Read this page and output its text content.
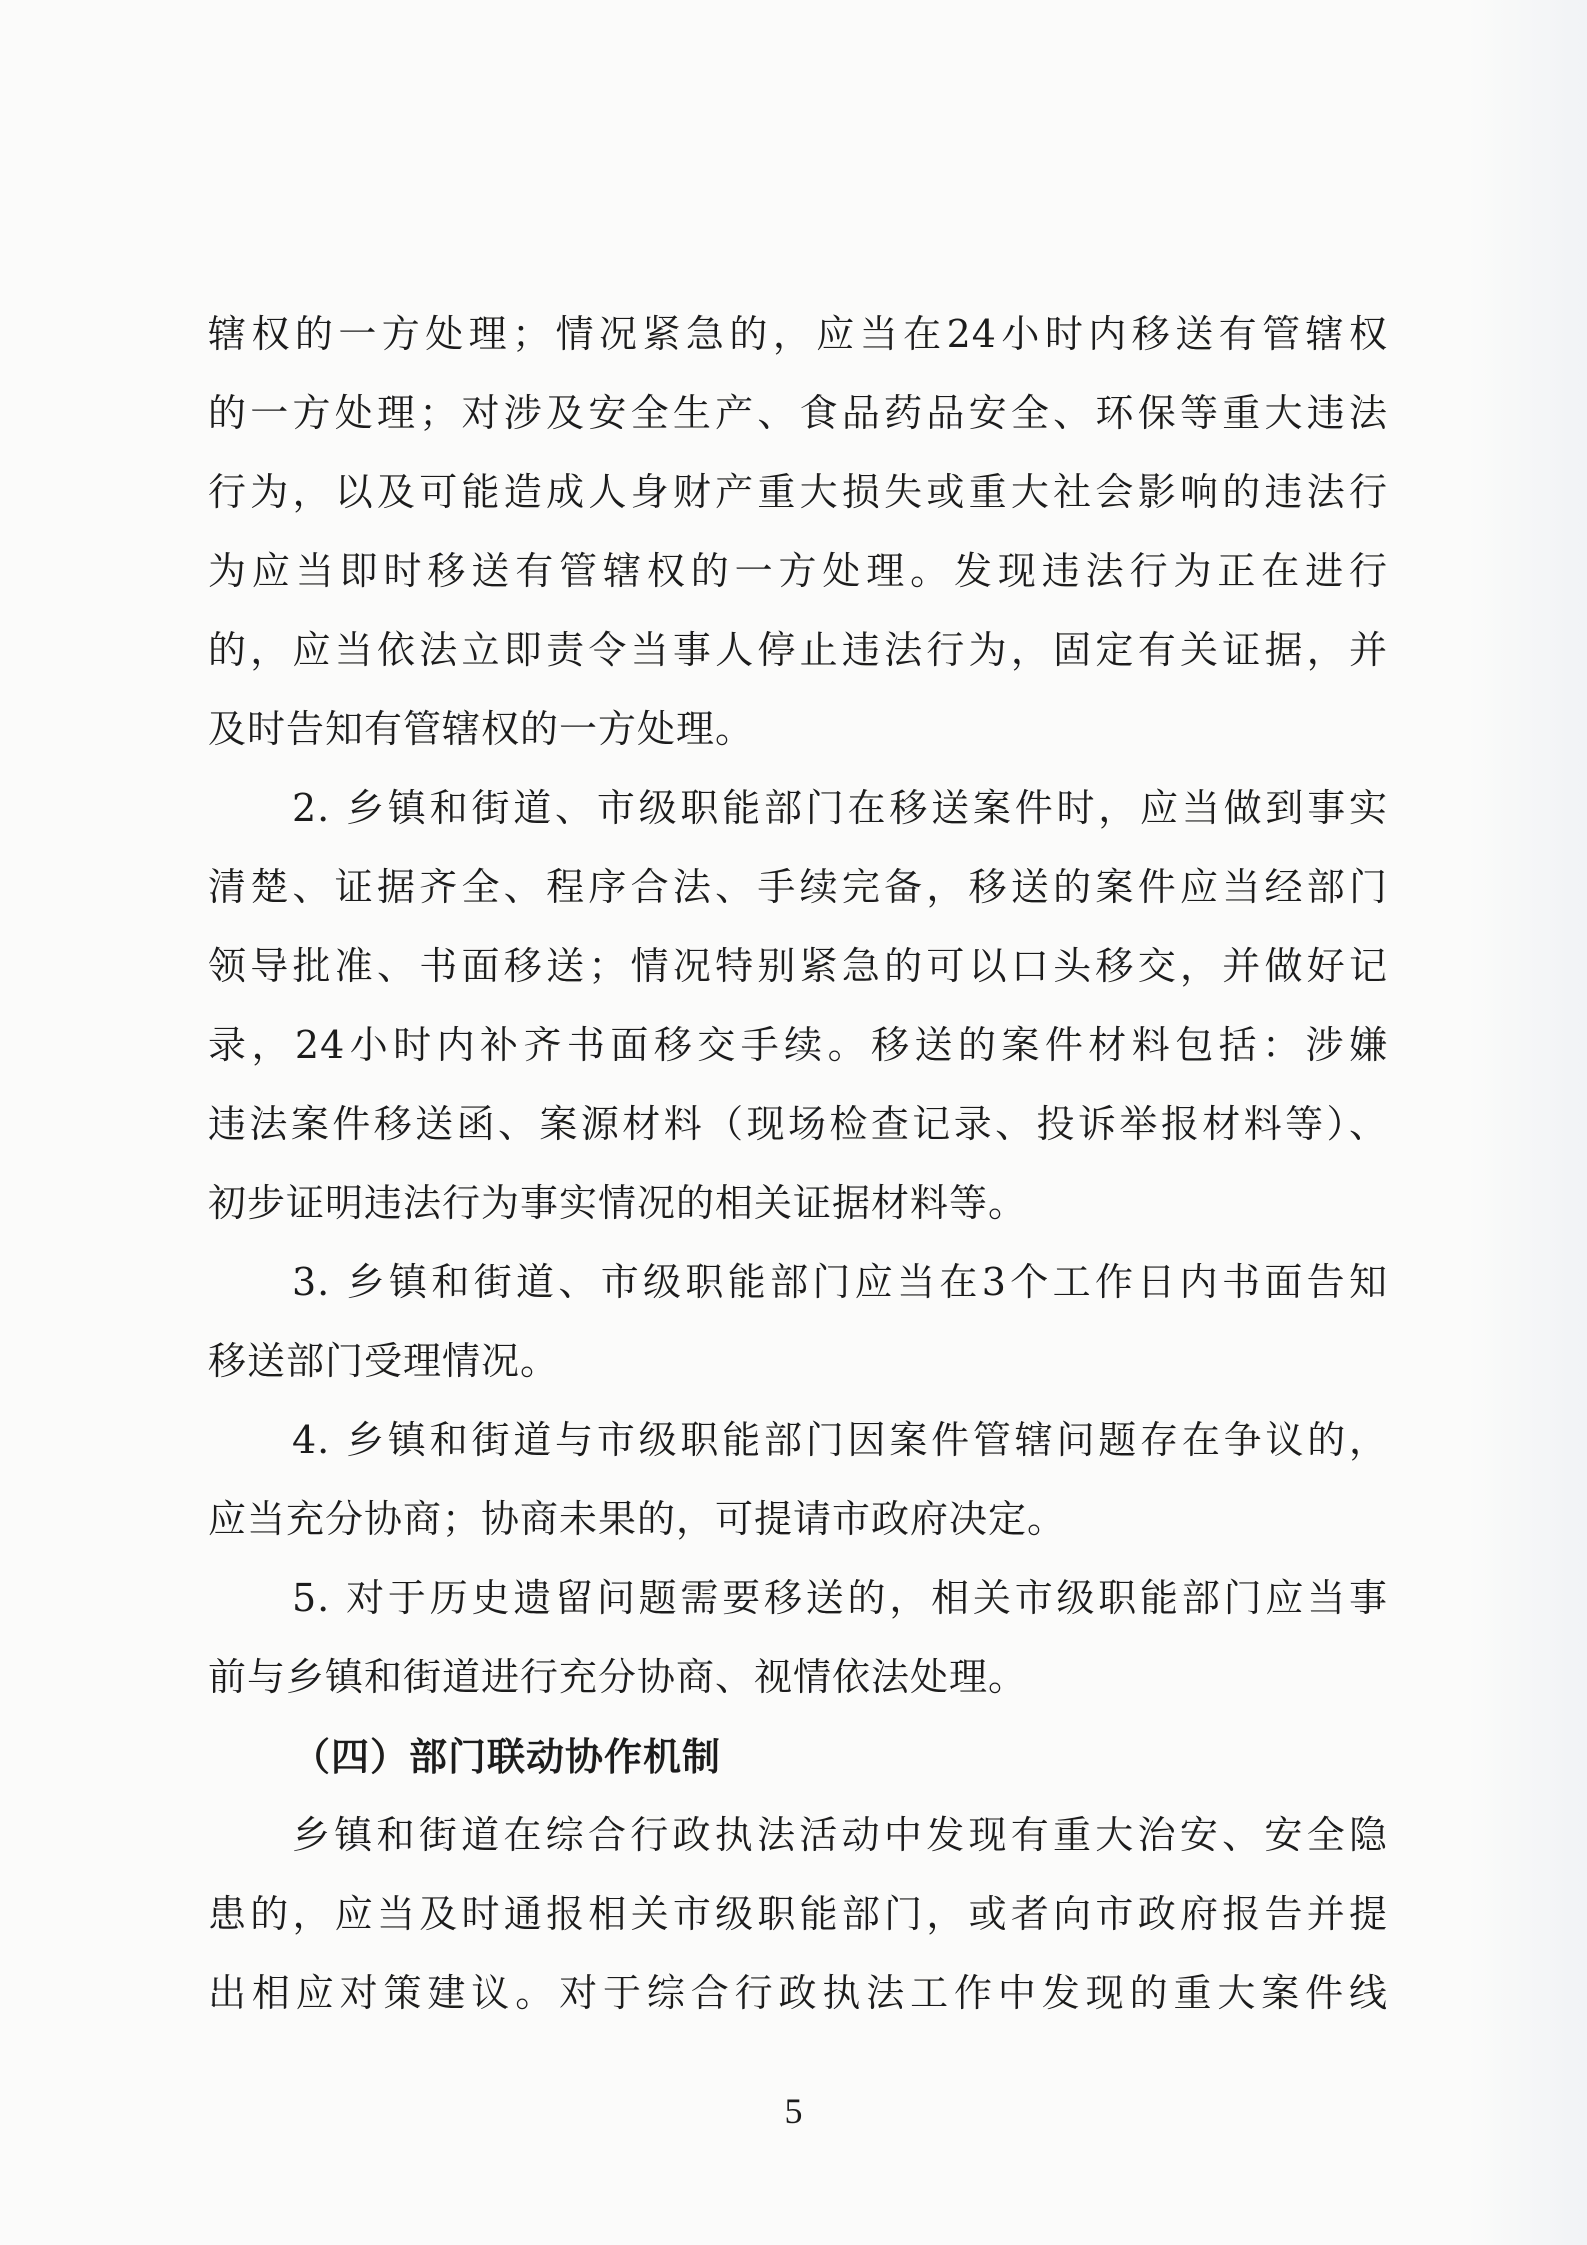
辖权的一方处理；情况紧急的，应当在24小时内移送有管辖权
的一方处理；对涉及安全生产、食品药品安全、环保等重大违法
行为，以及可能造成人身财产重大损失或重大社会影响的违法行
为应当即时移送有管辖权的一方处理。发现违法行为正在进行
的，应当依法立即责令当事人停止违法行为，固定有关证据，并
及时告知有管辖权的一方处理。
2. 乡镇和街道、市级职能部门在移送案件时，应当做到事实
清楚、证据齐全、程序合法、手续完备，移送的案件应当经部门
领导批准、书面移送；情况特别紧急的可以口头移交，并做好记
录，24小时内补齐书面移交手续。移送的案件材料包括：涉嫌
违法案件移送函、案源材料（现场检查记录、投诉举报材料等）、
初步证明违法行为事实情况的相关证据材料等。
3. 乡镇和街道、市级职能部门应当在3个工作日内书面告知
移送部门受理情况。
4. 乡镇和街道与市级职能部门因案件管辖问题存在争议的，
应当充分协商；协商未果的，可提请市政府决定。
5. 对于历史遗留问题需要移送的，相关市级职能部门应当事
前与乡镇和街道进行充分协商、视情依法处理。
（四）部门联动协作机制
乡镇和街道在综合行政执法活动中发现有重大治安、安全隐
患的，应当及时通报相关市级职能部门，或者向市政府报告并提
出相应对策建议。对于综合行政执法工作中发现的重大案件线
5
